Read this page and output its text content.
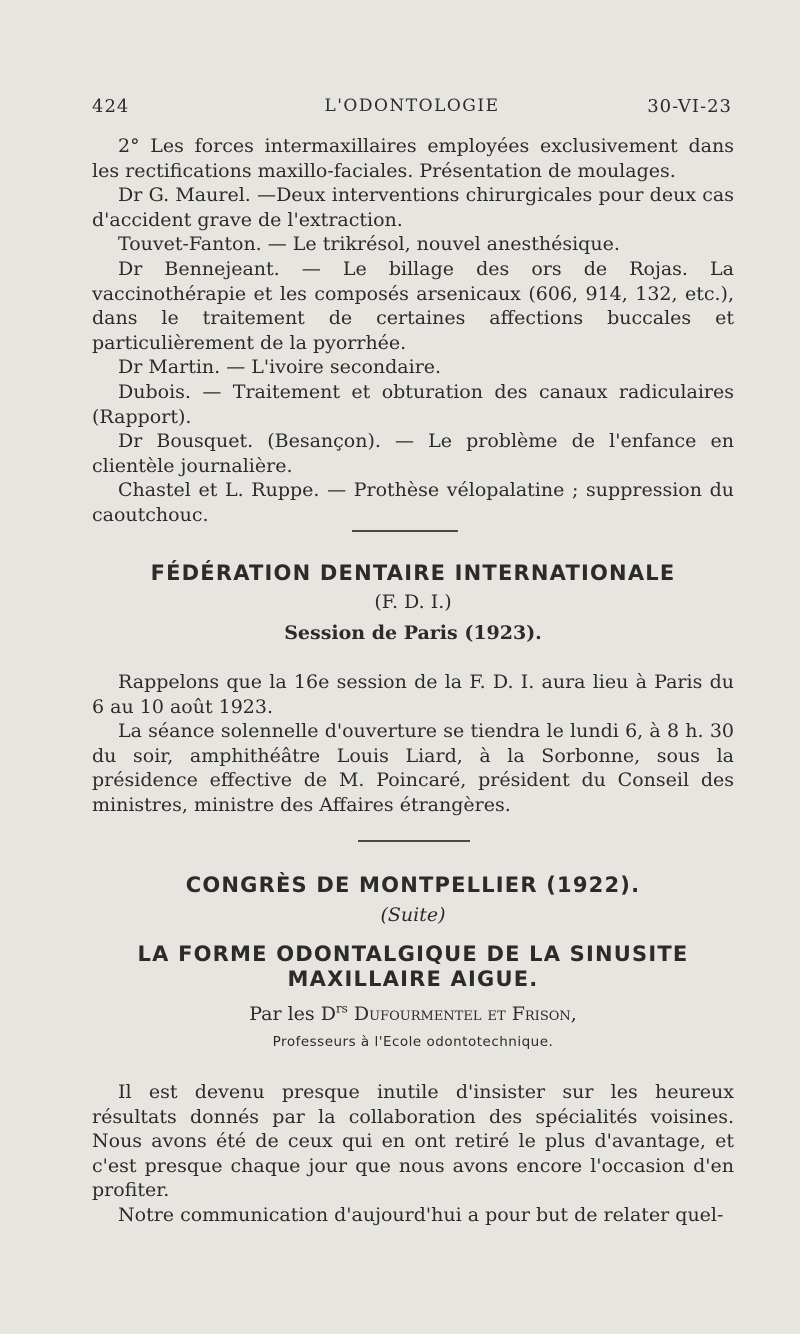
424	L'ODONTOLOGIE	30-VI-23

2° Les forces intermaxillaires employées exclusivement dans les rectifications maxillo-faciales. Présentation de moulages.

Dr G. Maurel. —Deux interventions chirurgicales pour deux cas d'accident grave de l'extraction.

Touvet-Fanton. — Le trikrésol, nouvel anesthésique.

Dr Bennejeant. — Le billage des ors de Rojas. La vaccinothérapie et les composés arsenicaux (606, 914, 132, etc.), dans le traitement de certaines affections buccales et particulièrement de la pyorrhée.

Dr Martin. — L'ivoire secondaire.

Dubois. — Traitement et obturation des canaux radiculaires (Rapport).

Dr Bousquet. (Besançon). — Le problème de l'enfance en clientèle journalière.

Chastel et L. Ruppe. — Prothèse vélopalatine ; suppression du caoutchouc.

FÉDÉRATION DENTAIRE INTERNATIONALE
(F. D. I.)
Session de Paris (1923).

Rappelons que la 16e session de la F. D. I. aura lieu à Paris du 6 au 10 août 1923.

La séance solennelle d'ouverture se tiendra le lundi 6, à 8 h. 30 du soir, amphithéâtre Louis Liard, à la Sorbonne, sous la présidence effective de M. Poincaré, président du Conseil des ministres, ministre des Affaires étrangères.

CONGRÈS DE MONTPELLIER (1922).
(Suite)
LA FORME ODONTALGIQUE DE LA SINUSITE
MAXILLAIRE AIGUE.
Par les $D^{rs}$ Dufourmentel et Frison,
Professeurs à l'Ecole odontotechnique.

Il est devenu presque inutile d'insister sur les heureux résultats donnés par la collaboration des spécialités voisines. Nous avons été de ceux qui en ont retiré le plus d'avantage, et c'est presque chaque jour que nous avons encore l'occasion d'en profiter.

Notre communication d'aujourd'hui a pour but de relater quel-
